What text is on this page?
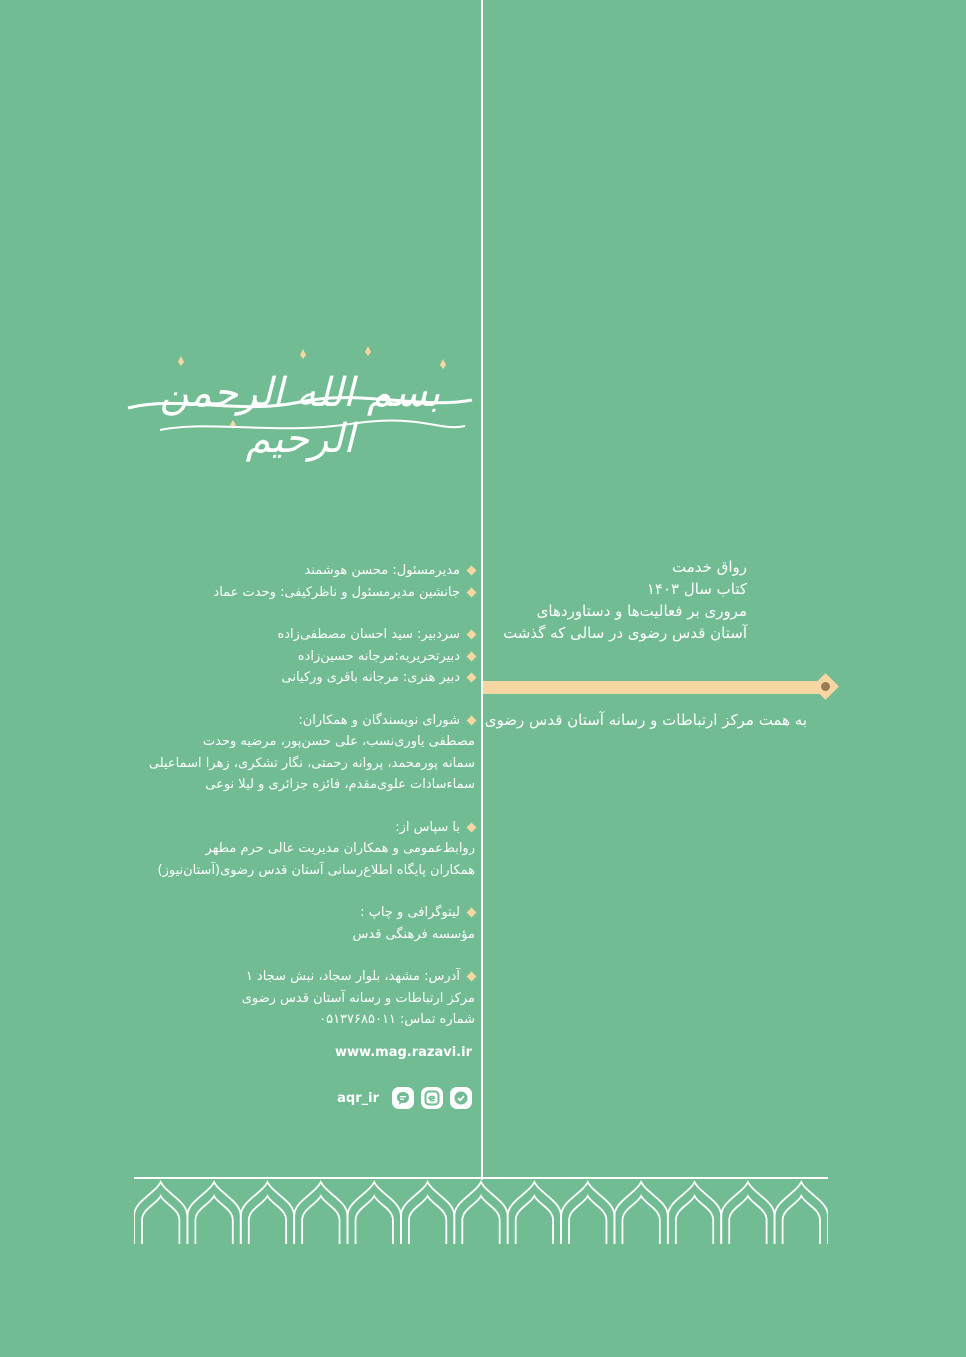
بسم الله الرحمن الرحیم
رواق خدمت
کتاب سال ۱۴۰۳
مروری بر فعالیت‌ها و دستاوردهای
آستان قدس رضوی در سالی که گذشت
به همت مرکز ارتباطات و رسانه آستان قدس رضوی
مدیرمسئول: محسن هوشمند
جانشین مدیرمسئول و ناظرکیفی: وحدت عماد
سردبیر: سید احسان مصطفی‌زاده
دبیرتحریریه:مرجانه حسین‌زاده
دبیر هنری: مرجانه باقری ورکیانی
شورای نویسندگان و همکاران:
مصطفی یاوری‌نسب، علی حسن‌پور، مرضیه وحدت
سمانه پورمحمد، پروانه رحمتی، نگار تشکری، زهرا اسماعیلی
سماءسادات علوی‌مقدم، فائزه جزائری و لیلا نوعی
با سپاس از:
روابط‌عمومی و همکاران مدیریت عالی حرم مطهر
همکاران پایگاه اطلاع‌رسانی آستان قدس رضوی(آستان‌نیوز)
لیتوگرافی و چاپ :
مؤسسه فرهنگی قدس
آدرس: مشهد، بلوار سجاد، نبش سجاد ۱
مرکز ارتباطات و رسانه آستان قدس رضوی
شماره تماس: ۰۵۱۳۷۶۸۵۰۱۱
www.mag.razavi.ir
aqr_ir
